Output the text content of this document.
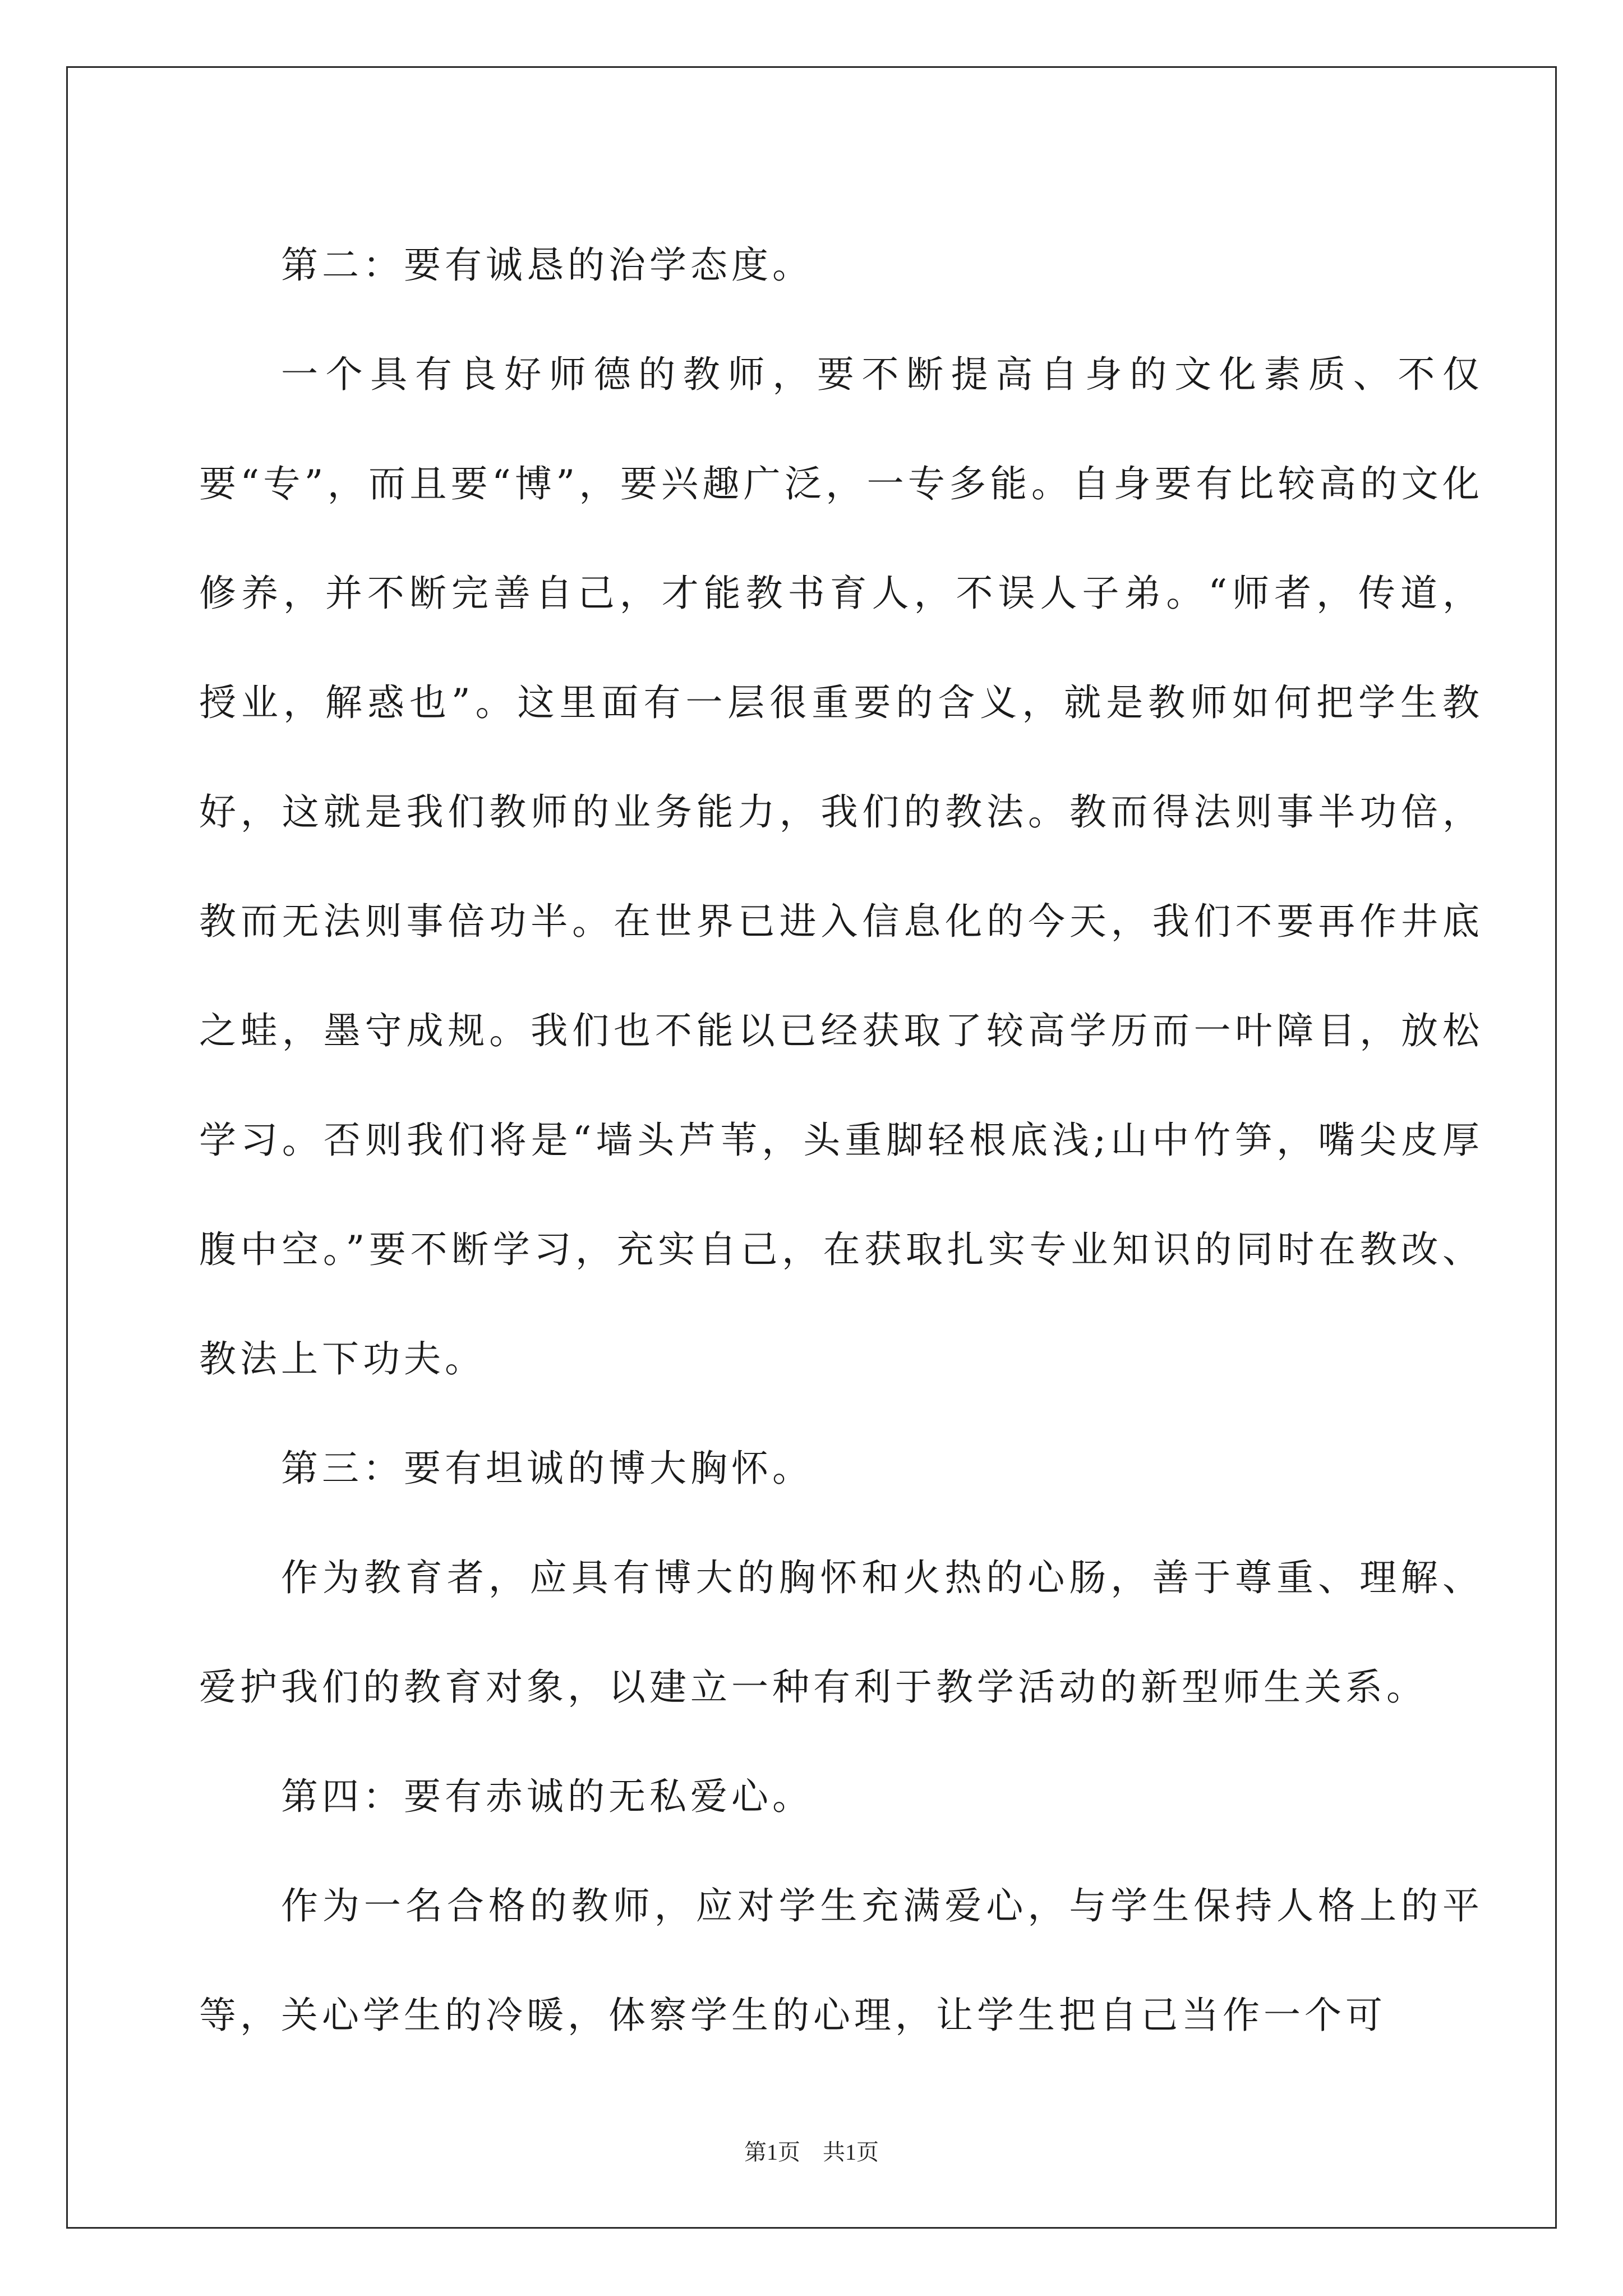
第二：要有诚恳的治学态度。

一个具有良好师德的教师，要不断提高自身的文化素质、不仅要“专”，而且要“博”，要兴趣广泛，一专多能。自身要有比较高的文化修养，并不断完善自己，才能教书育人，不误人子弟。“师者，传道，授业，解惑也”。这里面有一层很重要的含义，就是教师如何把学生教好，这就是我们教师的业务能力，我们的教法。教而得法则事半功倍，教而无法则事倍功半。在世界已进入信息化的今天，我们不要再作井底之蛙，墨守成规。我们也不能以已经获取了较高学历而一叶障目，放松学习。否则我们将是“墙头芦苇，头重脚轻根底浅;山中竹笋，嘴尖皮厚腹中空。”要不断学习，充实自己，在获取扎实专业知识的同时在教改、教法上下功夫。

第三：要有坦诚的博大胸怀。

作为教育者，应具有博大的胸怀和火热的心肠，善于尊重、理解、爱护我们的教育对象，以建立一种有利于教学活动的新型师生关系。

第四：要有赤诚的无私爱心。

作为一名合格的教师，应对学生充满爱心，与学生保持人格上的平等，关心学生的冷暖，体察学生的心理，让学生把自己当作一个可

第1页　共1页
